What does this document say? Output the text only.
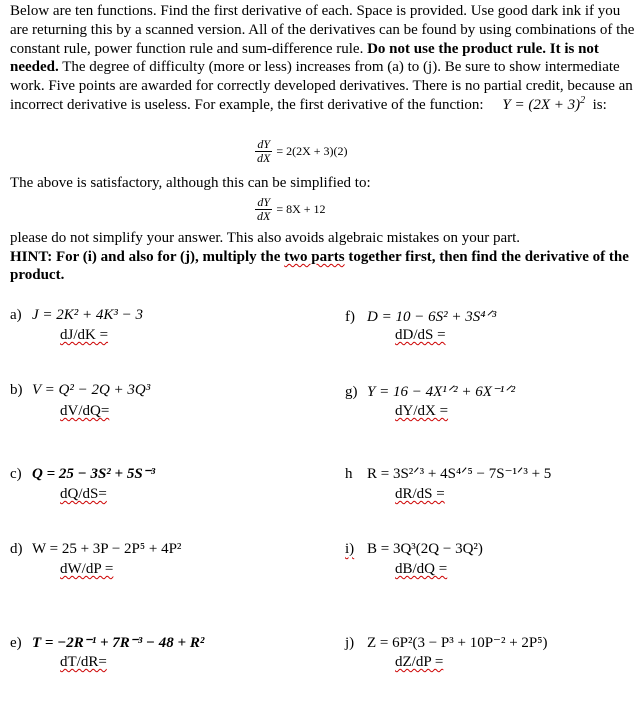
Below are ten functions. Find the first derivative of each. Space is provided. Use good dark ink if you are returning this by a scanned version. All of the derivatives can be found by using combinations of the constant rule, power function rule and sum-difference rule. Do not use the product rule. It is not needed. The degree of difficulty (more or less) increases from (a) to (j). Be sure to show intermediate work. Five points are awarded for correctly developed derivatives. There is no partial credit, because an incorrect derivative is useless. For example, the first derivative of the function: $Y = (2X + 3)^2$ is:

$\frac{dY}{dX} = 2(2X + 3)(2)$
The above is satisfactory, although this can be simplified to:
$\frac{dY}{dX} = 8X + 12$
please do not simplify your answer. This also avoids algebraic mistakes on your part.
HINT: For (i) and also for (j), multiply the two parts together first, then find the derivative of the product.
a) J = 2K² + 4K³ − 3
dJ/dK =
b) V = Q² − 2Q + 3Q³
dV/dQ=
c) Q = 25 − 3S² + 5S⁻³
dQ/dS=
d) W = 25 + 3P − 2P⁵ + 4P²
dW/dP =
e) T = −2R⁻¹ + 7R⁻³ − 48 + R²
dT/dR=
f) D = 10 − 6S² + 3S⁴ᐟ³
dD/dS =
g) Y = 16 − 4X¹ᐟ² + 6X⁻¹ᐟ²
dY/dX =
h R = 3S²ᐟ³ + 4S⁴ᐟ⁵ − 7S⁻¹ᐟ³ + 5
dR/dS =
i) B = 3Q³(2Q − 3Q²)
dB/dQ =
j) Z = 6P²(3 − P³ + 10P⁻² + 2P⁵)
dZ/dP =
